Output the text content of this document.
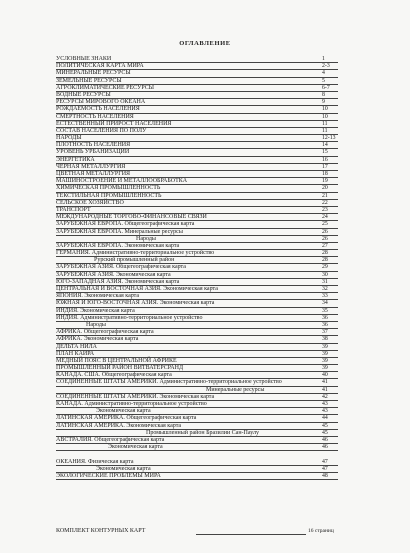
ОГЛАВЛЕНИЕ
УСЛОВНЫЕ ЗНАКИ	1
ПОЛИТИЧЕСКАЯ КАРТА МИРА	2-3
МИНЕРАЛЬНЫЕ РЕСУРСЫ	4
ЗЕМЕЛЬНЫЕ РЕСУРСЫ	5
АГРОКЛИМАТИЧЕСКИЕ РЕСУРСЫ	6-7
ВОДНЫЕ РЕСУРСЫ	8
РЕСУРСЫ МИРОВОГО ОКЕАНА	9
РОЖДАЕМОСТЬ НАСЕЛЕНИЯ	10
СМЕРТНОСТЬ НАСЕЛЕНИЯ	10
ЕСТЕСТВЕННЫЙ ПРИРОСТ НАСЕЛЕНИЯ	11
СОСТАВ НАСЕЛЕНИЯ ПО ПОЛУ	11
НАРОДЫ	12-13
ПЛОТНОСТЬ НАСЕЛЕНИЯ	14
УРОВЕНЬ УРБАНИЗАЦИИ	15
ЭНЕРГЕТИКА	16
ЧЕРНАЯ МЕТАЛЛУРГИЯ	17
ЦВЕТНАЯ МЕТАЛЛУРГИЯ	18
МАШИНОСТРОЕНИЕ И МЕТАЛЛООБРАБОТКА	19
ХИМИЧЕСКАЯ ПРОМЫШЛЕННОСТЬ	20
ТЕКСТИЛЬНАЯ ПРОМЫШЛЕННОСТЬ	21
СЕЛЬСКОЕ ХОЗЯЙСТВО	22
ТРАНСПОРТ	23
МЕЖДУНАРОДНЫЕ ТОРГОВО-ФИНАНСОВЫЕ СВЯЗИ	24
ЗАРУБЕЖНАЯ ЕВРОПА. Общегеографическая карта	25
ЗАРУБЕЖНАЯ ЕВРОПА. Минеральные ресурсы	26
Народы	26
ЗАРУБЕЖНАЯ ЕВРОПА. Экономическая карта	27
ГЕРМАНИЯ. Административно-территориальное устройство	28
Рурский промышленный район	28
ЗАРУБЕЖНАЯ АЗИЯ. Общегеографическая карта	29
ЗАРУБЕЖНАЯ АЗИЯ. Экономическая карта	30
ЮГО-ЗАПАДНАЯ АЗИЯ. Экономическая карта	31
ЦЕНТРАЛЬНАЯ И ВОСТОЧНАЯ АЗИЯ. Экономическая карта	32
ЯПОНИЯ. Экономическая карта	33
ЮЖНАЯ И ЮГО-ВОСТОЧНАЯ АЗИЯ. Экономическая карта	34
ИНДИЯ. Экономическая карта	35
ИНДИЯ. Административно-территориальное устройство	36
Народы	36
АФРИКА. Общегеографическая карта	37
АФРИКА. Экономическая карта	38
ДЕЛЬТА НИЛА	39
ПЛАН КАИРА	39
МЕДНЫЙ ПОЯС В ЦЕНТРАЛЬНОЙ АФРИКЕ	39
ПРОМЫШЛЕННЫЙ РАЙОН ВИТВАТЕРСРАНД	39
КАНАДА. США. Общегеографическая карта	40
СОЕДИНЕННЫЕ ШТАТЫ АМЕРИКИ. Административно-территориальное устройство	41
Минеральные ресурсы	41
СОЕДИНЕННЫЕ ШТАТЫ АМЕРИКИ. Экономическая карта	42
КАНАДА. Административно-территориальное устройство	43
Экономическая карта	43
ЛАТИНСКАЯ АМЕРИКА. Общегеографическая карта	44
ЛАТИНСКАЯ АМЕРИКА. Экономическая карта	45
Промышленный район Бразилии Сан-Паулу	45
АВСТРАЛИЯ. Общегеографическая карта	46
Экономическая карта	46
ОКЕАНИЯ. Физическая карта	47
Экономическая карта	47
ЭКОЛОГИЧЕСКИЕ ПРОБЛЕМЫ МИРА	48
КОМПЛЕКТ КОНТУРНЫХ КАРТ	16 страниц
